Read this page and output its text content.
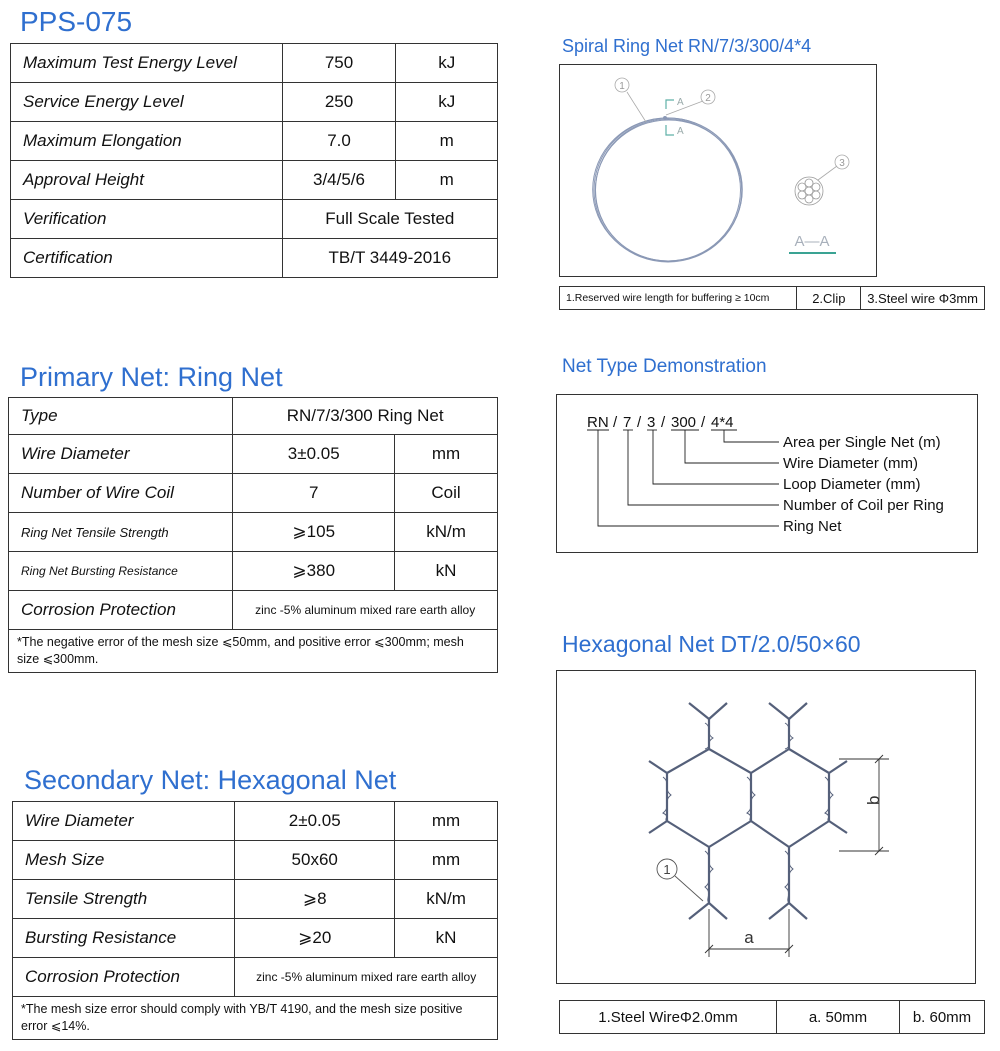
PPS-075
Maximum Test Energy Level	750	kJ
Service Energy Level	250	kJ
Maximum Elongation	7.0	m
Approval Height	3/4/5/6	m
Verification	Full Scale Tested	
Certification	TB/T 3449-2016	
Primary Net: Ring Net
Type	RN/7/3/300 Ring Net	
Wire Diameter	3±0.05	mm
Number of Wire Coil	7	Coil
Ring Net Tensile Strength	⩾105	kN/m
Ring Net Bursting Resistance	⩾380	kN
Corrosion Protection	zinc -5% aluminum mixed rare earth alloy	
*The negative error of the mesh size ⩽50mm, and positive error ⩽300mm; mesh size ⩽300mm.		
Secondary Net: Hexagonal Net
Wire Diameter	2±0.05	mm
Mesh Size	50x60	mm
Tensile Strength	⩾8	kN/m
Bursting Resistance	⩾20	kN
Corrosion Protection	zinc -5% aluminum mixed rare earth alloy	
*The mesh size error should comply with YB/T 4190, and the mesh size positive error ⩽14%.		
Spiral Ring Net RN/7/3/300/4*4
1
2
A
A
3
A—A
1.Reserved wire length for buffering ≥ 10cm	2.Clip	3.Steel wire Φ3mm
Net Type Demonstration
RN / 7 / 3 / 300 / 4*4
Area per Single Net (m)
Wire Diameter (mm)
Loop Diameter (mm)
Number of Coil per Ring
Ring Net
Hexagonal Net DT/2.0/50×60
b
a
1
1.Steel WireΦ2.0mm	a. 50mm	b. 60mm
